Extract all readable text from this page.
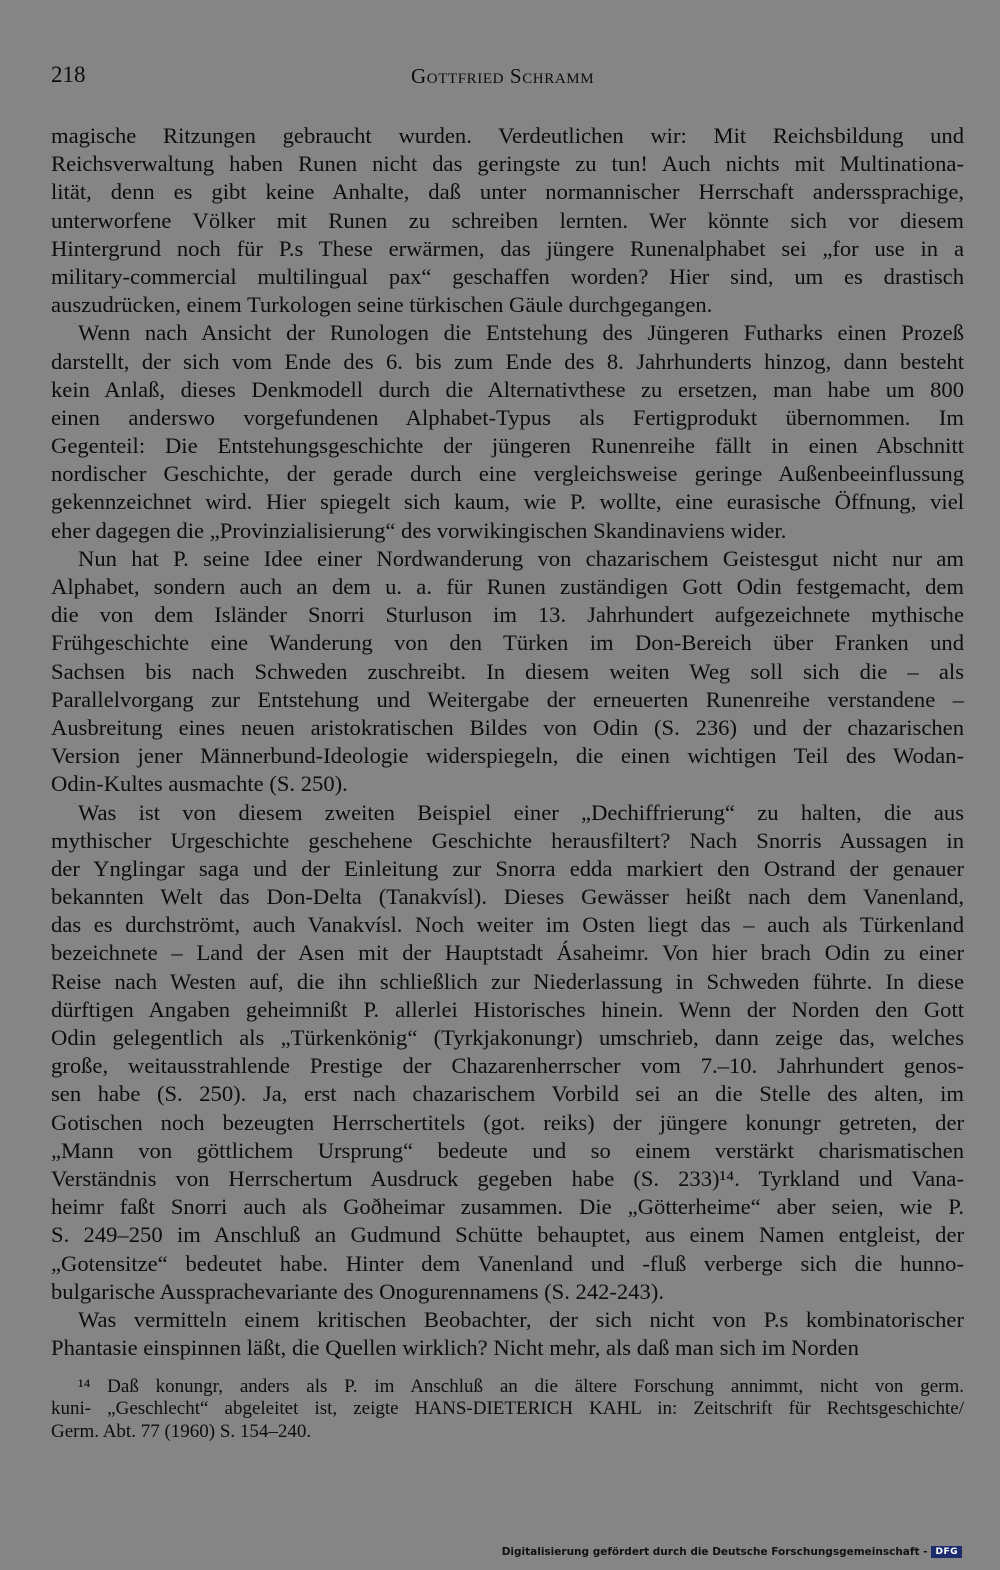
218	Gottfried Schramm
magische Ritzungen gebraucht wurden. Verdeutlichen wir: Mit Reichsbildung und
Reichsverwaltung haben Runen nicht das geringste zu tun! Auch nichts mit Multinationa-
lität, denn es gibt keine Anhalte, daß unter normannischer Herrschaft anderssprachige,
unterworfene Völker mit Runen zu schreiben lernten. Wer könnte sich vor diesem
Hintergrund noch für P.s These erwärmen, das jüngere Runenalphabet sei „for use in a
military-commercial multilingual pax“ geschaffen worden? Hier sind, um es drastisch
auszudrücken, einem Turkologen seine türkischen Gäule durchgegangen.
Wenn nach Ansicht der Runologen die Entstehung des Jüngeren Futharks einen Prozeß
darstellt, der sich vom Ende des 6. bis zum Ende des 8. Jahrhunderts hinzog, dann besteht
kein Anlaß, dieses Denkmodell durch die Alternativthese zu ersetzen, man habe um 800
einen anderswo vorgefundenen Alphabet-Typus als Fertigprodukt übernommen. Im
Gegenteil: Die Entstehungsgeschichte der jüngeren Runenreihe fällt in einen Abschnitt
nordischer Geschichte, der gerade durch eine vergleichsweise geringe Außenbeeinflussung
gekennzeichnet wird. Hier spiegelt sich kaum, wie P. wollte, eine eurasische Öffnung, viel
eher dagegen die „Provinzialisierung“ des vorwikingischen Skandinaviens wider.
Nun hat P. seine Idee einer Nordwanderung von chazarischem Geistesgut nicht nur am
Alphabet, sondern auch an dem u. a. für Runen zuständigen Gott Odin festgemacht, dem
die von dem Isländer Snorri Sturluson im 13. Jahrhundert aufgezeichnete mythische
Frühgeschichte eine Wanderung von den Türken im Don-Bereich über Franken und
Sachsen bis nach Schweden zuschreibt. In diesem weiten Weg soll sich die – als
Parallelvorgang zur Entstehung und Weitergabe der erneuerten Runenreihe verstandene –
Ausbreitung eines neuen aristokratischen Bildes von Odin (S. 236) und der chazarischen
Version jener Männerbund-Ideologie widerspiegeln, die einen wichtigen Teil des Wodan-
Odin-Kultes ausmachte (S. 250).
Was ist von diesem zweiten Beispiel einer „Dechiffrierung“ zu halten, die aus
mythischer Urgeschichte geschehene Geschichte herausfiltert? Nach Snorris Aussagen in
der Ynglingar saga und der Einleitung zur Snorra edda markiert den Ostrand der genauer
bekannten Welt das Don-Delta (Tanakvísl). Dieses Gewässer heißt nach dem Vanenland,
das es durchströmt, auch Vanakvísl. Noch weiter im Osten liegt das – auch als Türkenland
bezeichnete – Land der Asen mit der Hauptstadt Ásaheimr. Von hier brach Odin zu einer
Reise nach Westen auf, die ihn schließlich zur Niederlassung in Schweden führte. In diese
dürftigen Angaben geheimnißt P. allerlei Historisches hinein. Wenn der Norden den Gott
Odin gelegentlich als „Türkenkönig“ (Tyrkjakonungr) umschrieb, dann zeige das, welches
große, weitausstrahlende Prestige der Chazarenherrscher vom 7.–10. Jahrhundert genos-
sen habe (S. 250). Ja, erst nach chazarischem Vorbild sei an die Stelle des alten, im
Gotischen noch bezeugten Herrschertitels (got. reiks) der jüngere konungr getreten, der
„Mann von göttlichem Ursprung“ bedeute und so einem verstärkt charismatischen
Verständnis von Herrschertum Ausdruck gegeben habe (S. 233)¹⁴. Tyrkland und Vana-
heimr faßt Snorri auch als Goðheimar zusammen. Die „Götterheime“ aber seien, wie P.
S. 249–250 im Anschluß an Gudmund Schütte behauptet, aus einem Namen entgleist, der
„Gotensitze“ bedeutet habe. Hinter dem Vanenland und -fluß verberge sich die hunno-
bulgarische Aussprachevariante des Onogurennamens (S. 242-243).
Was vermitteln einem kritischen Beobachter, der sich nicht von P.s kombinatorischer
Phantasie einspinnen läßt, die Quellen wirklich? Nicht mehr, als daß man sich im Norden
¹⁴ Daß konungr, anders als P. im Anschluß an die ältere Forschung annimmt, nicht von germ.
kuni- „Geschlecht“ abgeleitet ist, zeigte HANS-DIETERICH KAHL in: Zeitschrift für Rechtsgeschichte/
Germ. Abt. 77 (1960) S. 154–240.
Digitalisierung gefördert durch die Deutsche Forschungsgemeinschaft - DFG
